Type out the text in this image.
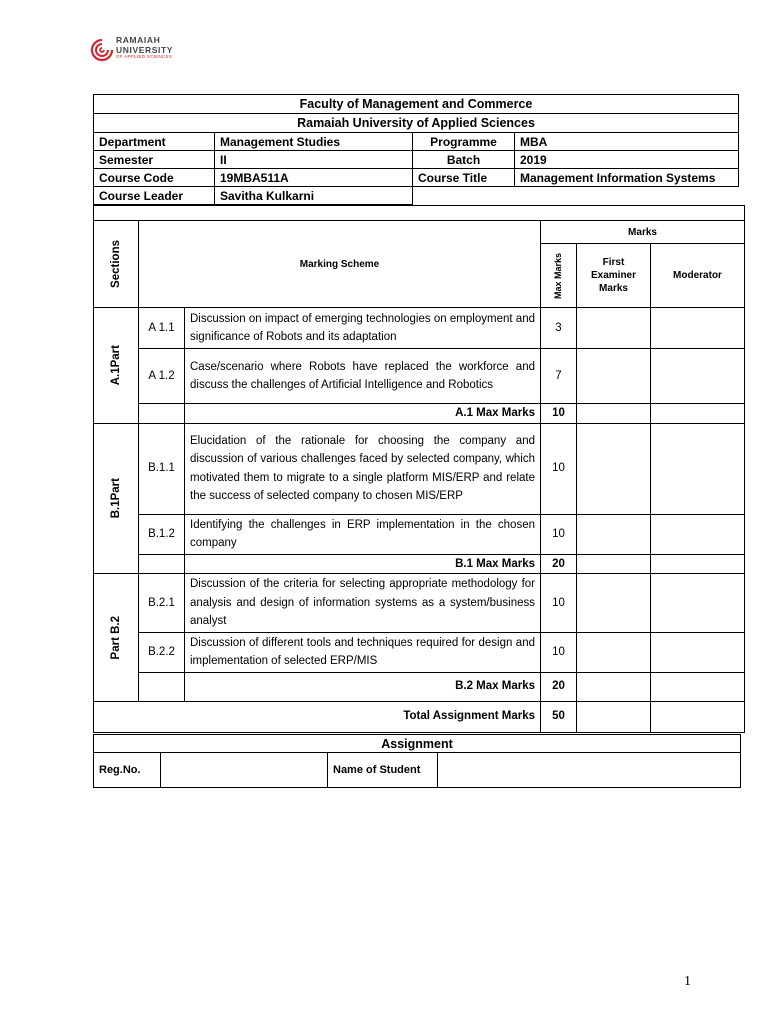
RAMAIAH
UNIVERSITY
OF APPLIED SCIENCES
Faculty of Management and Commerce			
Ramaiah University of Applied Sciences			
Department	Management Studies	Programme	MBA
Semester	II	Batch	2019
Course Code	19MBA511A	Course Title	Management Information Systems
Course Leader	Savitha Kulkarni		

Sections	Marking Scheme		Marks		

			Max Marks	First Examiner Marks	Moderator

A.1Part	A 1.1	Discussion on impact of emerging technologies on employment and significance of Robots and its adaptation	3		
	A 1.2	Case/scenario where Robots have replaced the workforce and discuss the challenges of Artificial Intelligence and Robotics	7		
		A.1 Max Marks	10		

B.1Part	B.1.1	Elucidation of the rationale for choosing the company and discussion of various challenges faced by selected company, which motivated them to migrate to a single platform MIS/ERP and relate the success of selected company to chosen MIS/ERP	10		
	B.1.2	Identifying the challenges in ERP implementation in the chosen company	10		
		B.1 Max Marks	20		

Part B.2	B.2.1	Discussion of the criteria for selecting appropriate methodology for analysis and design of information systems as a system/business analyst	10		
	B.2.2	Discussion of different tools and techniques required for design and implementation of selected ERP/MIS	10		
		B.2 Max Marks	20		
Total Assignment Marks			50		
Assignment
Reg.No.		Name of Student	
1
